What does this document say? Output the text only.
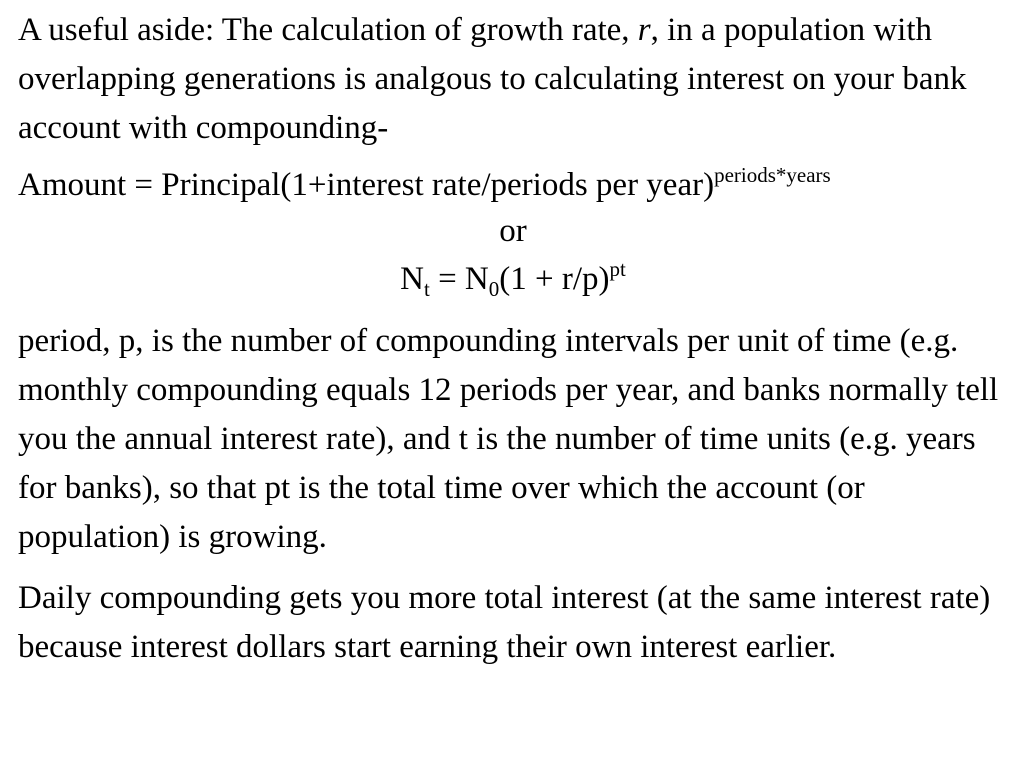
A useful aside: The calculation of growth rate, r, in a population with overlapping generations is analgous to calculating interest on your bank account with compounding-

Amount = Principal(1+interest rate/periods per year)$^{periods*years}$

or

$N_t = N_0(1 + r/p)^{pt}$

period, p, is the number of compounding intervals per unit of time (e.g. monthly compounding equals 12 periods per year, and banks normally tell you the annual interest rate), and t is the number of time units (e.g. years for banks), so that pt is the total time over which the account (or population) is growing.

Daily compounding gets you more total interest (at the same interest rate) because interest dollars start earning their own interest earlier.
